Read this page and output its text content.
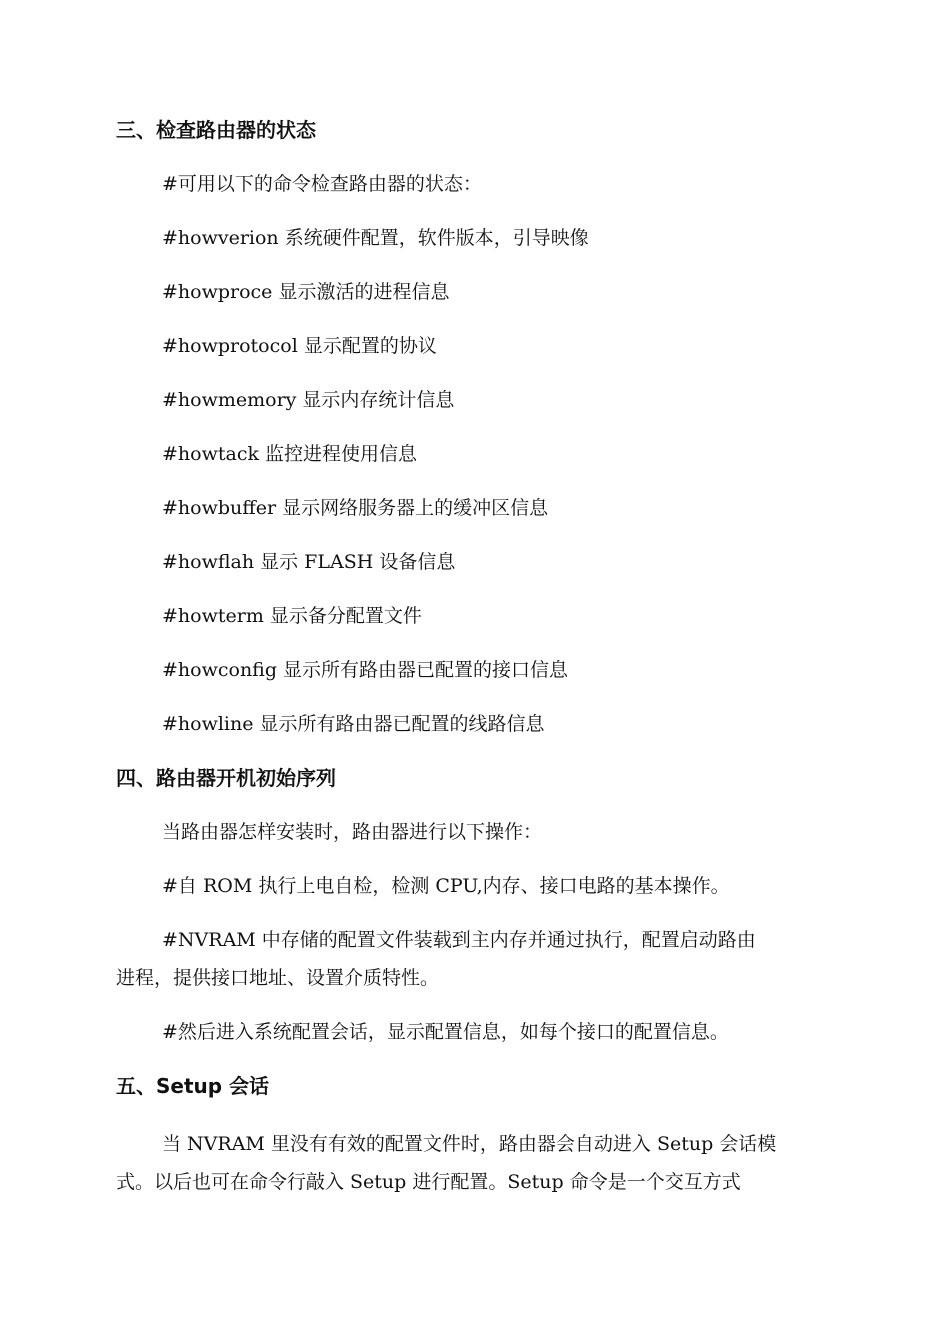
三、检查路由器的状态
#可用以下的命令检查路由器的状态：
#howverion 系统硬件配置，软件版本，引导映像
#howproce 显示激活的进程信息
#howprotocol 显示配置的协议
#howmemory 显示内存统计信息
#howtack 监控进程使用信息
#howbuffer 显示网络服务器上的缓冲区信息
#howflah 显示 FLASH 设备信息
#howterm 显示备分配置文件
#howconfig 显示所有路由器已配置的接口信息
#howline 显示所有路由器已配置的线路信息
四、路由器开机初始序列
当路由器怎样安装时，路由器进行以下操作：
#自 ROM 执行上电自检，检测 CPU,内存、接口电路的基本操作。
#NVRAM 中存储的配置文件装载到主内存并通过执行，配置启动路由
进程，提供接口地址、设置介质特性。
#然后进入系统配置会话，显示配置信息，如每个接口的配置信息。
五、Setup 会话
当 NVRAM 里没有有效的配置文件时，路由器会自动进入 Setup 会话模
式。以后也可在命令行敲入 Setup 进行配置。Setup 命令是一个交互方式
